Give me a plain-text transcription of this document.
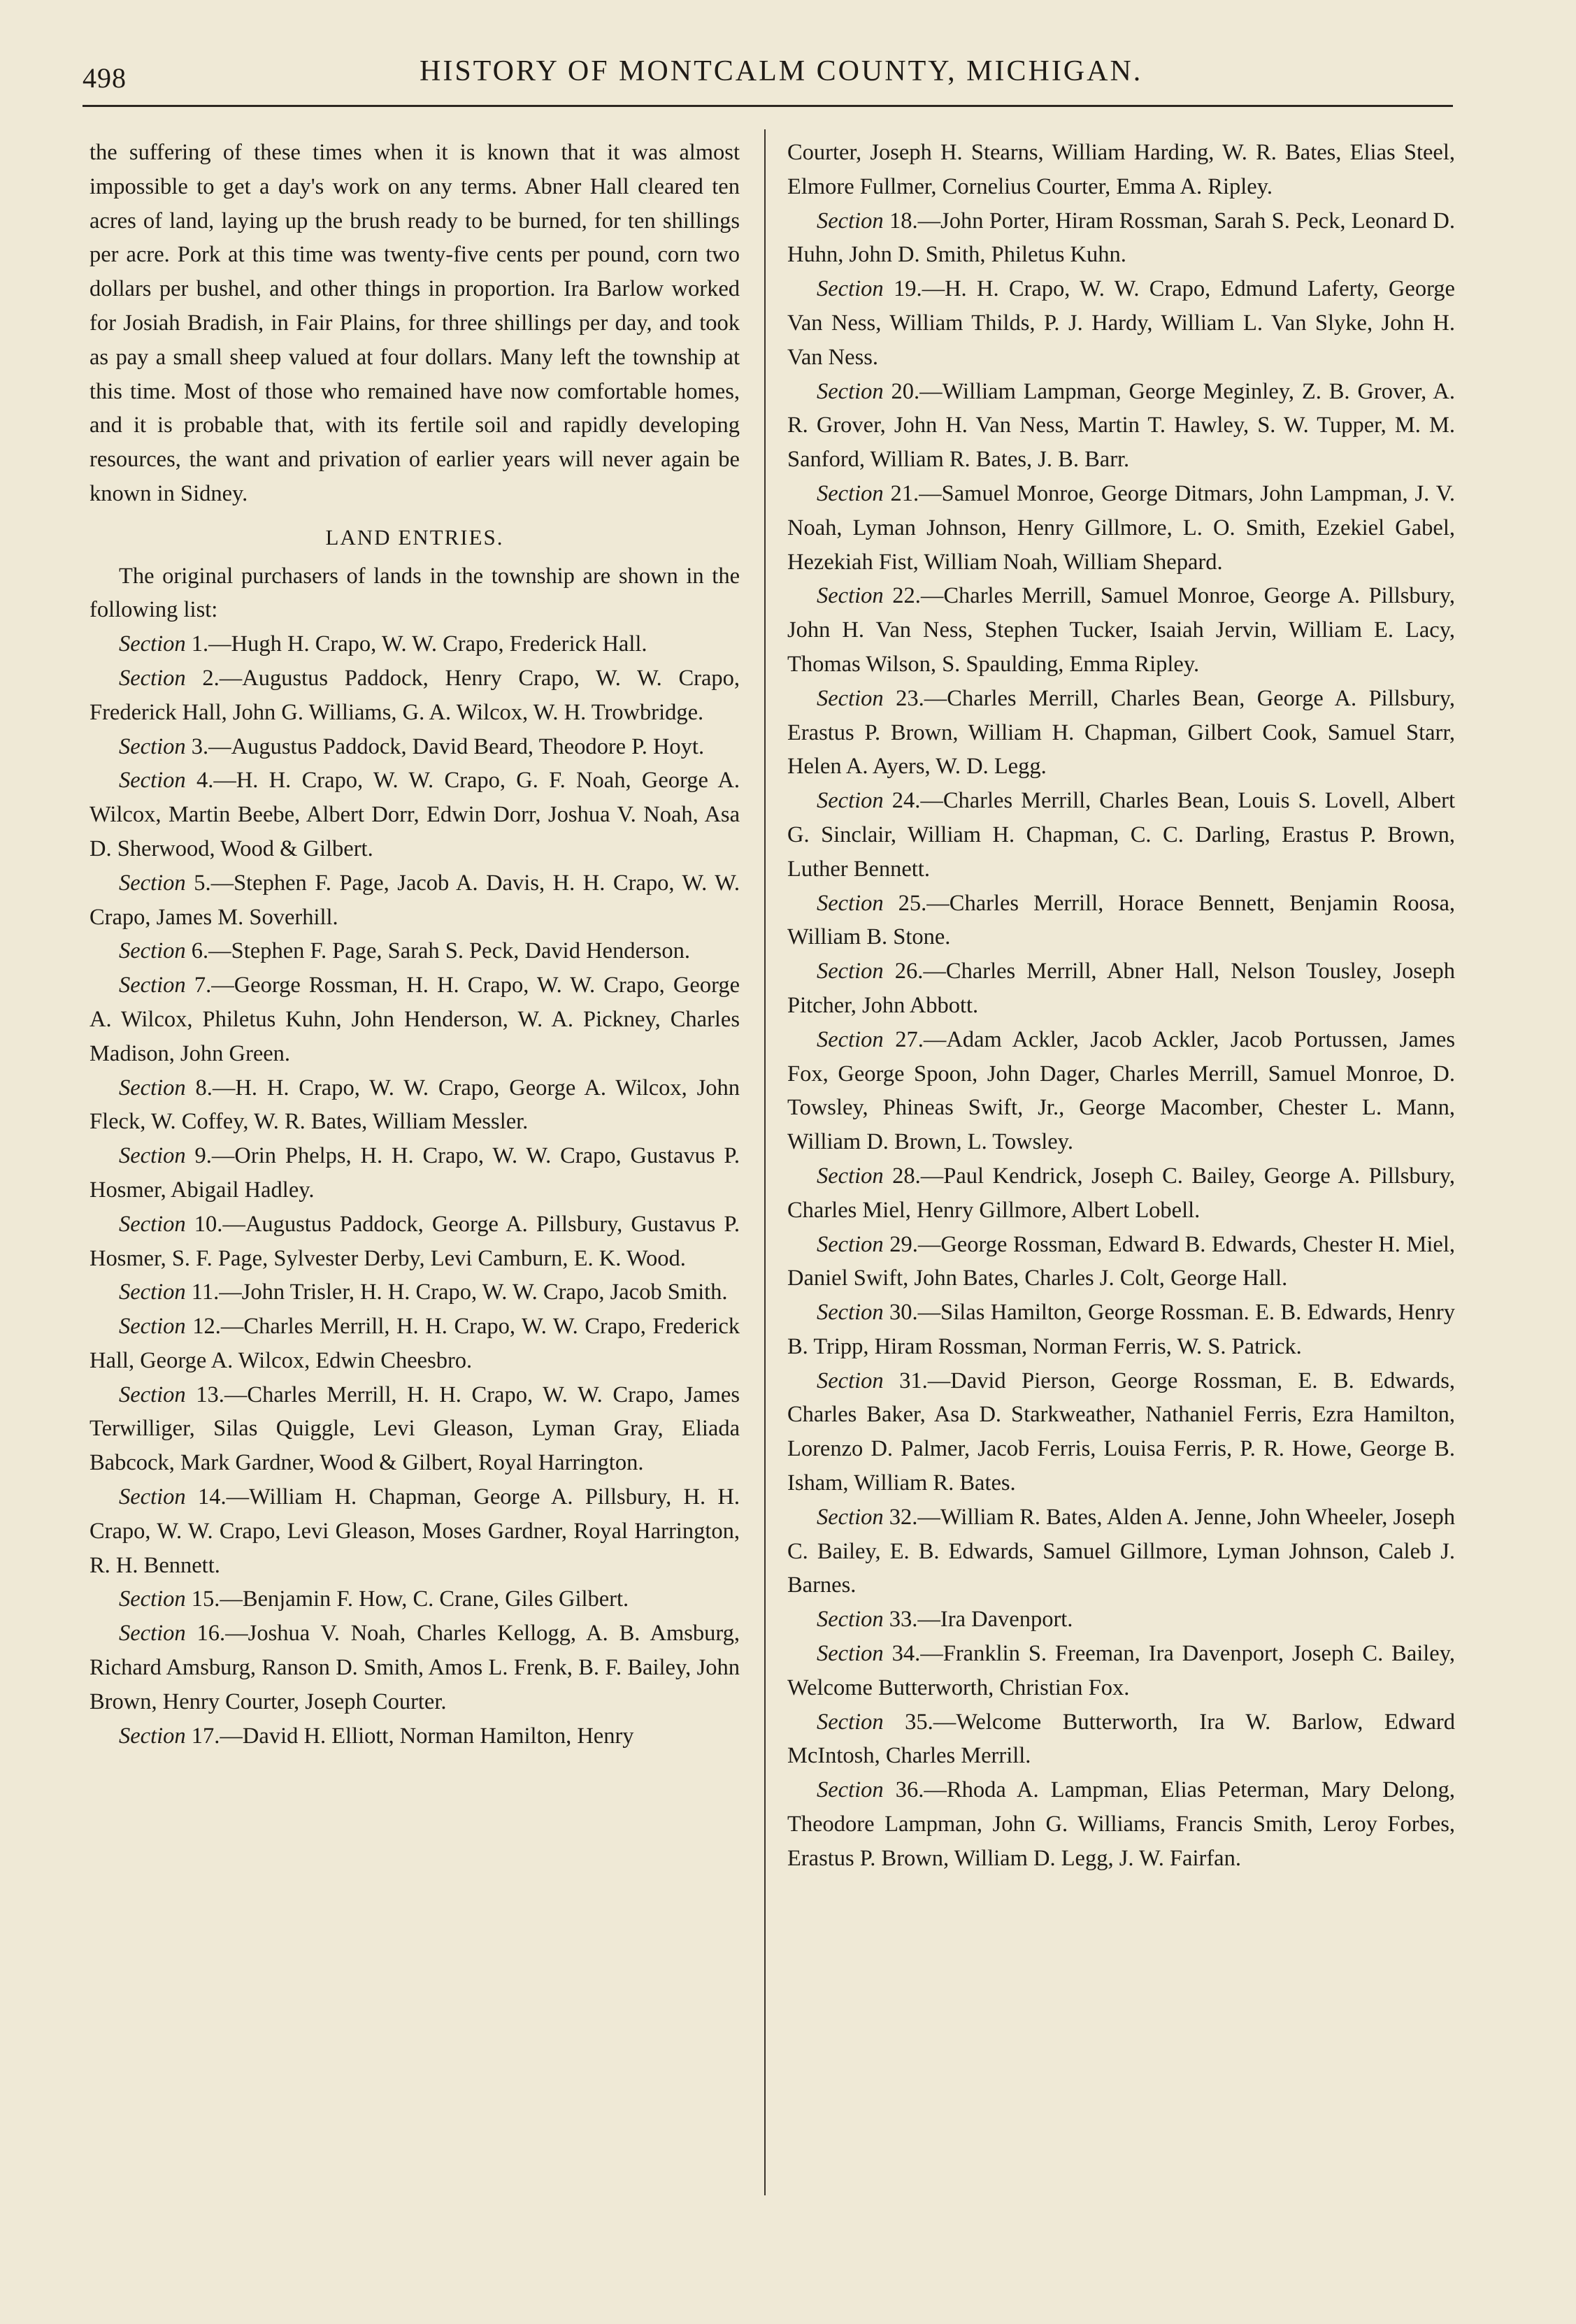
498	HISTORY OF MONTCALM COUNTY, MICHIGAN.

the suffering of these times when it is known that it was almost impossible to get a day's work on any terms. Abner Hall cleared ten acres of land, laying up the brush ready to be burned, for ten shillings per acre. Pork at this time was twenty-five cents per pound, corn two dollars per bushel, and other things in proportion. Ira Barlow worked for Josiah Bradish, in Fair Plains, for three shillings per day, and took as pay a small sheep valued at four dollars. Many left the township at this time. Most of those who remained have now comfortable homes, and it is probable that, with its fertile soil and rapidly developing resources, the want and privation of earlier years will never again be known in Sidney.

LAND ENTRIES.

The original purchasers of lands in the township are shown in the following list:

Section 1.—Hugh H. Crapo, W. W. Crapo, Frederick Hall.

Section 2.—Augustus Paddock, Henry Crapo, W. W. Crapo, Frederick Hall, John G. Williams, G. A. Wilcox, W. H. Trowbridge.

Section 3.—Augustus Paddock, David Beard, Theodore P. Hoyt.

Section 4.—H. H. Crapo, W. W. Crapo, G. F. Noah, George A. Wilcox, Martin Beebe, Albert Dorr, Edwin Dorr, Joshua V. Noah, Asa D. Sherwood, Wood & Gilbert.

Section 5.—Stephen F. Page, Jacob A. Davis, H. H. Crapo, W. W. Crapo, James M. Soverhill.

Section 6.—Stephen F. Page, Sarah S. Peck, David Henderson.

Section 7.—George Rossman, H. H. Crapo, W. W. Crapo, George A. Wilcox, Philetus Kuhn, John Henderson, W. A. Pickney, Charles Madison, John Green.

Section 8.—H. H. Crapo, W. W. Crapo, George A. Wilcox, John Fleck, W. Coffey, W. R. Bates, William Messler.

Section 9.—Orin Phelps, H. H. Crapo, W. W. Crapo, Gustavus P. Hosmer, Abigail Hadley.

Section 10.—Augustus Paddock, George A. Pillsbury, Gustavus P. Hosmer, S. F. Page, Sylvester Derby, Levi Camburn, E. K. Wood.

Section 11.—John Trisler, H. H. Crapo, W. W. Crapo, Jacob Smith.

Section 12.—Charles Merrill, H. H. Crapo, W. W. Crapo, Frederick Hall, George A. Wilcox, Edwin Cheesbro.

Section 13.—Charles Merrill, H. H. Crapo, W. W. Crapo, James Terwilliger, Silas Quiggle, Levi Gleason, Lyman Gray, Eliada Babcock, Mark Gardner, Wood & Gilbert, Royal Harrington.

Section 14.—William H. Chapman, George A. Pillsbury, H. H. Crapo, W. W. Crapo, Levi Gleason, Moses Gardner, Royal Harrington, R. H. Bennett.

Section 15.—Benjamin F. How, C. Crane, Giles Gilbert.

Section 16.—Joshua V. Noah, Charles Kellogg, A. B. Amsburg, Richard Amsburg, Ranson D. Smith, Amos L. Frenk, B. F. Bailey, John Brown, Henry Courter, Joseph Courter.

Section 17.—David H. Elliott, Norman Hamilton, Henry

Courter, Joseph H. Stearns, William Harding, W. R. Bates, Elias Steel, Elmore Fullmer, Cornelius Courter, Emma A. Ripley.

Section 18.—John Porter, Hiram Rossman, Sarah S. Peck, Leonard D. Huhn, John D. Smith, Philetus Kuhn.

Section 19.—H. H. Crapo, W. W. Crapo, Edmund Laferty, George Van Ness, William Thilds, P. J. Hardy, William L. Van Slyke, John H. Van Ness.

Section 20.—William Lampman, George Meginley, Z. B. Grover, A. R. Grover, John H. Van Ness, Martin T. Hawley, S. W. Tupper, M. M. Sanford, William R. Bates, J. B. Barr.

Section 21.—Samuel Monroe, George Ditmars, John Lampman, J. V. Noah, Lyman Johnson, Henry Gillmore, L. O. Smith, Ezekiel Gabel, Hezekiah Fist, William Noah, William Shepard.

Section 22.—Charles Merrill, Samuel Monroe, George A. Pillsbury, John H. Van Ness, Stephen Tucker, Isaiah Jervin, William E. Lacy, Thomas Wilson, S. Spaulding, Emma Ripley.

Section 23.—Charles Merrill, Charles Bean, George A. Pillsbury, Erastus P. Brown, William H. Chapman, Gilbert Cook, Samuel Starr, Helen A. Ayers, W. D. Legg.

Section 24.—Charles Merrill, Charles Bean, Louis S. Lovell, Albert G. Sinclair, William H. Chapman, C. C. Darling, Erastus P. Brown, Luther Bennett.

Section 25.—Charles Merrill, Horace Bennett, Benjamin Roosa, William B. Stone.

Section 26.—Charles Merrill, Abner Hall, Nelson Tousley, Joseph Pitcher, John Abbott.

Section 27.—Adam Ackler, Jacob Ackler, Jacob Portussen, James Fox, George Spoon, John Dager, Charles Merrill, Samuel Monroe, D. Towsley, Phineas Swift, Jr., George Macomber, Chester L. Mann, William D. Brown, L. Towsley.

Section 28.—Paul Kendrick, Joseph C. Bailey, George A. Pillsbury, Charles Miel, Henry Gillmore, Albert Lobell.

Section 29.—George Rossman, Edward B. Edwards, Chester H. Miel, Daniel Swift, John Bates, Charles J. Colt, George Hall.

Section 30.—Silas Hamilton, George Rossman. E. B. Edwards, Henry B. Tripp, Hiram Rossman, Norman Ferris, W. S. Patrick.

Section 31.—David Pierson, George Rossman, E. B. Edwards, Charles Baker, Asa D. Starkweather, Nathaniel Ferris, Ezra Hamilton, Lorenzo D. Palmer, Jacob Ferris, Louisa Ferris, P. R. Howe, George B. Isham, William R. Bates.

Section 32.—William R. Bates, Alden A. Jenne, John Wheeler, Joseph C. Bailey, E. B. Edwards, Samuel Gillmore, Lyman Johnson, Caleb J. Barnes.

Section 33.—Ira Davenport.

Section 34.—Franklin S. Freeman, Ira Davenport, Joseph C. Bailey, Welcome Butterworth, Christian Fox.

Section 35.—Welcome Butterworth, Ira W. Barlow, Edward McIntosh, Charles Merrill.

Section 36.—Rhoda A. Lampman, Elias Peterman, Mary Delong, Theodore Lampman, John G. Williams, Francis Smith, Leroy Forbes, Erastus P. Brown, William D. Legg, J. W. Fairfan.
